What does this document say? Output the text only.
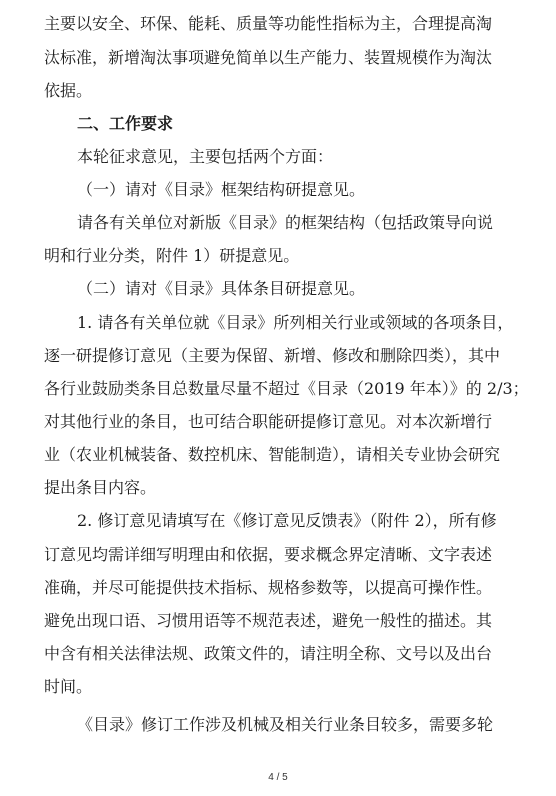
主要以安全、环保、能耗、质量等功能性指标为主，合理提高淘
汰标准，新增淘汰事项避免简单以生产能力、装置规模作为淘汰
依据。
二、工作要求
本轮征求意见，主要包括两个方面：
（一）请对《目录》框架结构研提意见。
请各有关单位对新版《目录》的框架结构（包括政策导向说
明和行业分类，附件 1）研提意见。
（二）请对《目录》具体条目研提意见。
1. 请各有关单位就《目录》所列相关行业或领域的各项条目，
逐一研提修订意见（主要为保留、新增、修改和删除四类），其中
各行业鼓励类条目总数量尽量不超过《目录（2019 年本）》的 2/3；
对其他行业的条目，也可结合职能研提修订意见。对本次新增行
业（农业机械装备、数控机床、智能制造），请相关专业协会研究
提出条目内容。
2. 修订意见请填写在《修订意见反馈表》（附件 2），所有修
订意见均需详细写明理由和依据，要求概念界定清晰、文字表述
准确，并尽可能提供技术指标、规格参数等，以提高可操作性。
避免出现口语、习惯用语等不规范表述，避免一般性的描述。其
中含有相关法律法规、政策文件的，请注明全称、文号以及出台
时间。
《目录》修订工作涉及机械及相关行业条目较多，需要多轮
4 / 5
